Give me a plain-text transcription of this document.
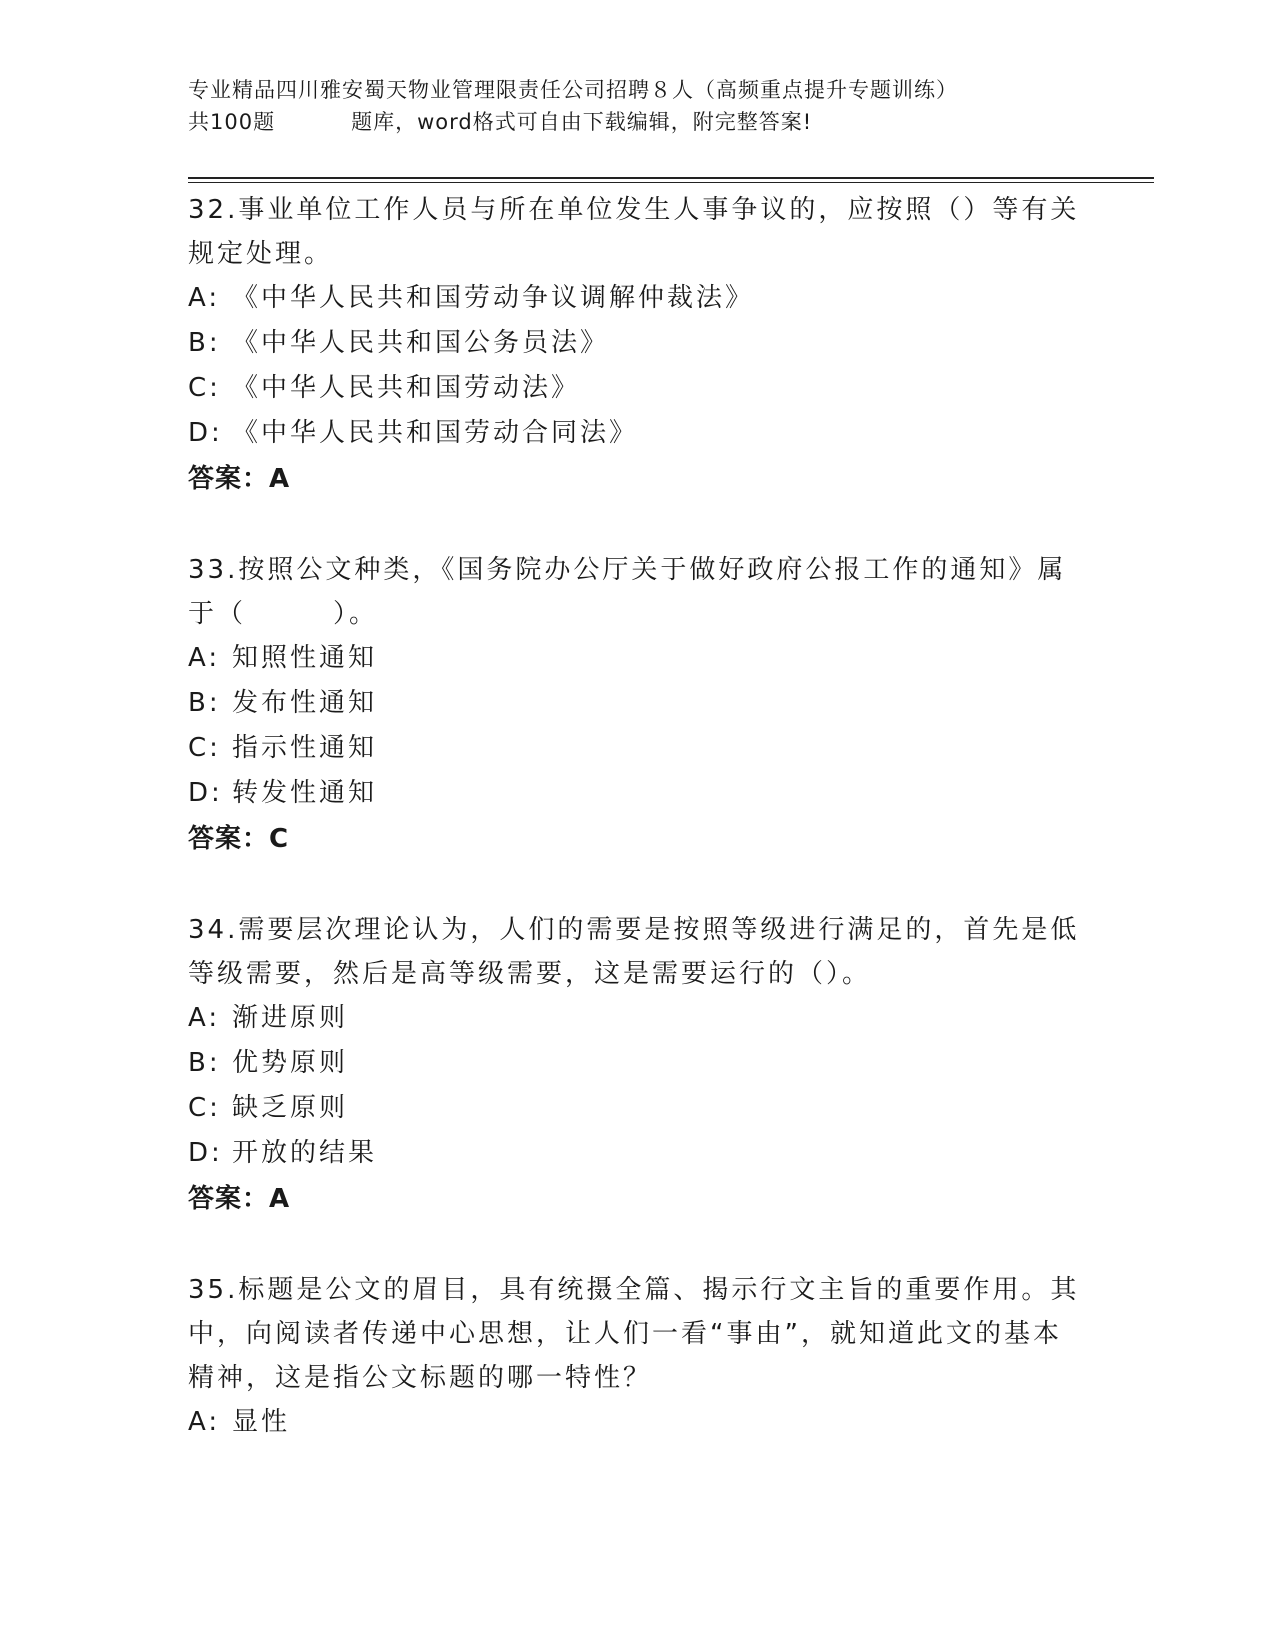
专业精品四川雅安蜀天物业管理限责任公司招聘８人（高频重点提升专题训练）
共100题	题库，word格式可自由下载编辑，附完整答案!

32.事业单位工作人员与所在单位发生人事争议的，应按照（）等有关规定处理。

A: 《中华人民共和国劳动争议调解仲裁法》
B: 《中华人民共和国公务员法》
C: 《中华人民共和国劳动法》
D: 《中华人民共和国劳动合同法》
答案：A

33.按照公文种类，《国务院办公厅关于做好政府公报工作的通知》属于（　　　）。

A: 知照性通知
B: 发布性通知
C: 指示性通知
D: 转发性通知
答案：C

34.需要层次理论认为，人们的需要是按照等级进行满足的，首先是低等级需要，然后是高等级需要，这是需要运行的（）。

A: 渐进原则
B: 优势原则
C: 缺乏原则
D: 开放的结果
答案：A

35.标题是公文的眉目，具有统摄全篇、揭示行文主旨的重要作用。其中，向阅读者传递中心思想，让人们一看“事由”，就知道此文的基本精神，这是指公文标题的哪一特性？

A: 显性
